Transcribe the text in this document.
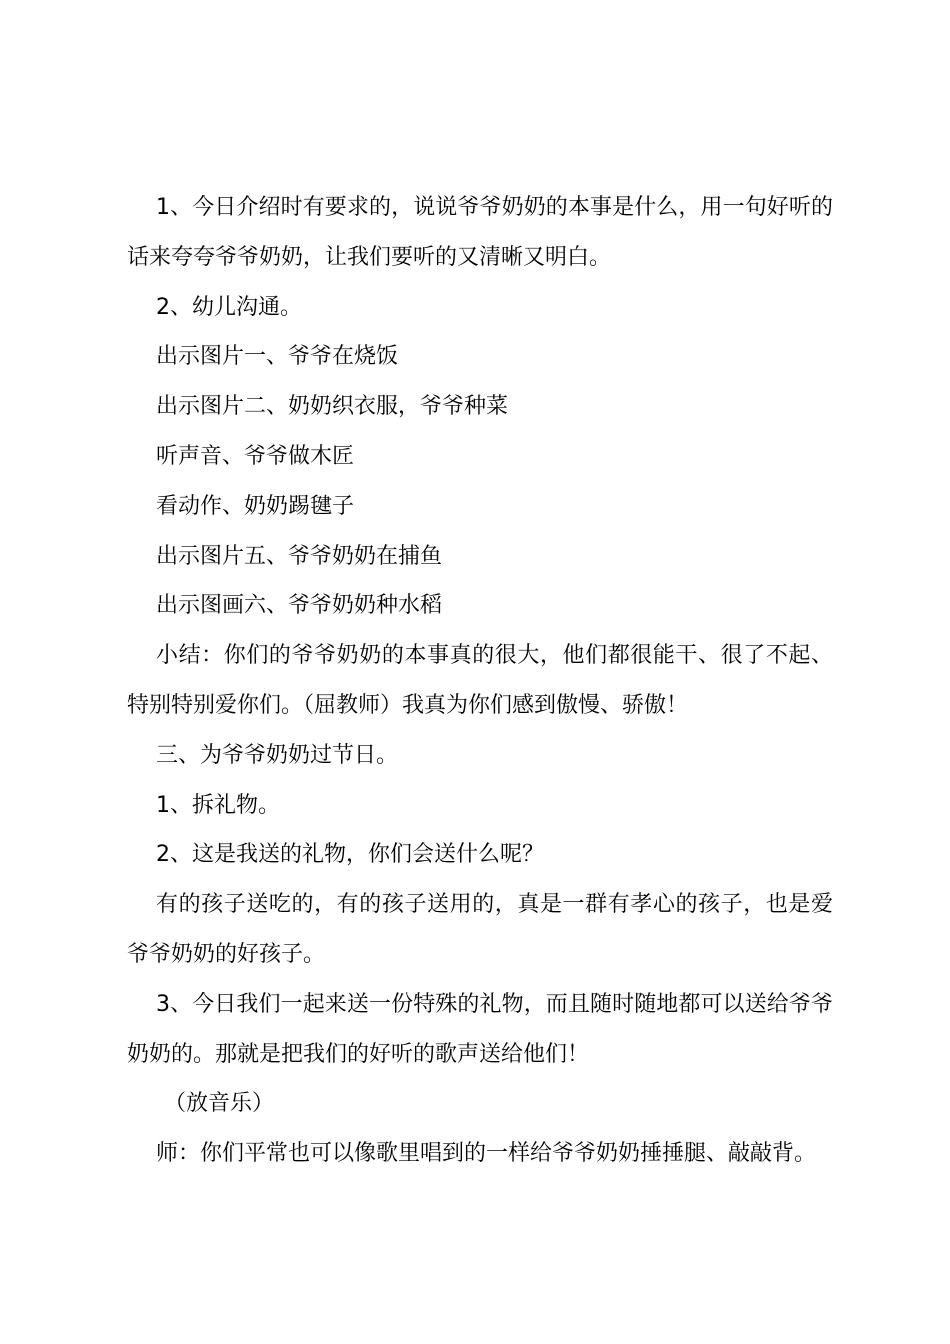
1、今日介绍时有要求的，说说爷爷奶奶的本事是什么，用一句好听的话来夸夸爷爷奶奶，让我们要听的又清晰又明白。

2、幼儿沟通。

出示图片一、爷爷在烧饭

出示图片二、奶奶织衣服，爷爷种菜

听声音、爷爷做木匠

看动作、奶奶踢毽子

出示图片五、爷爷奶奶在捕鱼

出示图画六、爷爷奶奶种水稻

小结：你们的爷爷奶奶的本事真的很大，他们都很能干、很了不起、特别特别爱你们。（屈教师）我真为你们感到傲慢、骄傲！

三、为爷爷奶奶过节日。

1、拆礼物。

2、这是我送的礼物，你们会送什么呢？

有的孩子送吃的，有的孩子送用的，真是一群有孝心的孩子，也是爱爷爷奶奶的好孩子。

3、今日我们一起来送一份特殊的礼物，而且随时随地都可以送给爷爷奶奶的。那就是把我们的好听的歌声送给他们！

（放音乐）

师：你们平常也可以像歌里唱到的一样给爷爷奶奶捶捶腿、敲敲背。
